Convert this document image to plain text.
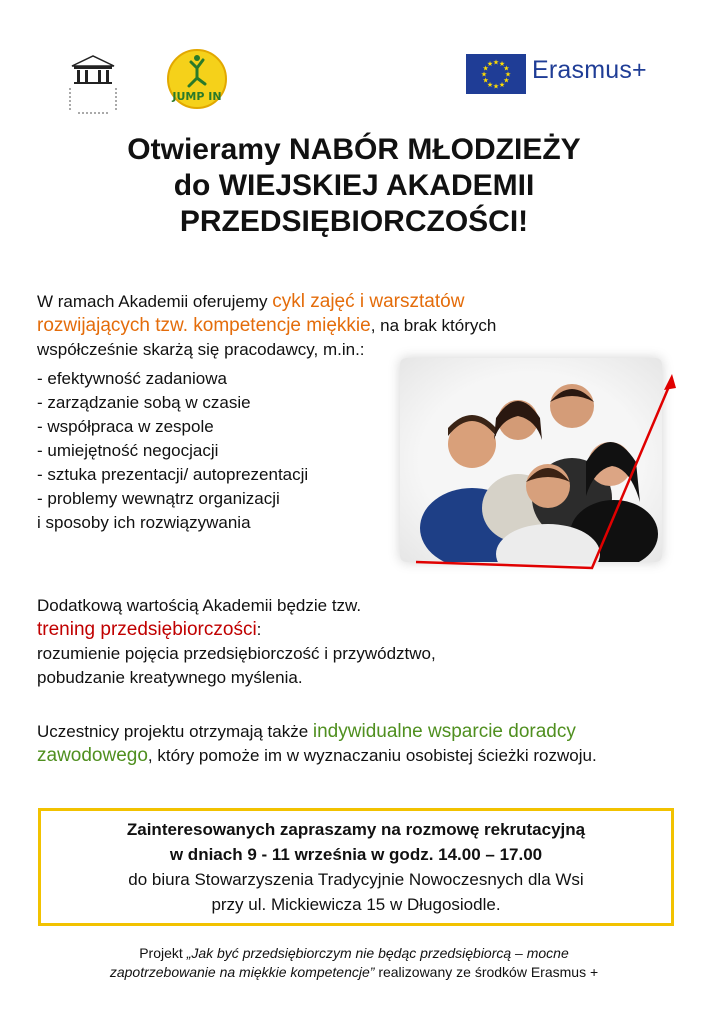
JUMP IN
★
★
★
★
★
★
★
★
★ ★ ★
★ Erasmus+
Otwieramy NABÓR MŁODZIEŻY
do WIEJSKIEJ AKADEMII
PRZEDSIĘBIORCZOŚCI!
W ramach Akademii oferujemy cykl zajęć i warsztatów
rozwijających tzw. kompetencje miękkie, na brak których
współcześnie skarżą się pracodawcy, m.in.:
- efektywność zadaniowa
- zarządzanie sobą w czasie
- współpraca w zespole
- umiejętność negocjacji
- sztuka prezentacji/ autoprezentacji
- problemy wewnątrz organizacji
i sposoby ich rozwiązywania
Dodatkową wartością Akademii będzie tzw.
trening przedsiębiorczości:
rozumienie pojęcia przedsiębiorczość i przywództwo,
pobudzanie kreatywnego myślenia.
Uczestnicy projektu otrzymają także indywidualne wsparcie doradcy
zawodowego, który pomoże im w wyznaczaniu osobistej ścieżki rozwoju.
Zainteresowanych zapraszamy na rozmowę rekrutacyjną
w dniach 9 - 11 września w godz. 14.00 – 17.00
do biura Stowarzyszenia Tradycyjnie Nowoczesnych dla Wsi
przy ul. Mickiewicza 15 w Długosiodle.
Projekt „Jak być przedsiębiorczym nie będąc przedsiębiorcą – mocne
zapotrzebowanie na miękkie kompetencje” realizowany ze środków Erasmus +
